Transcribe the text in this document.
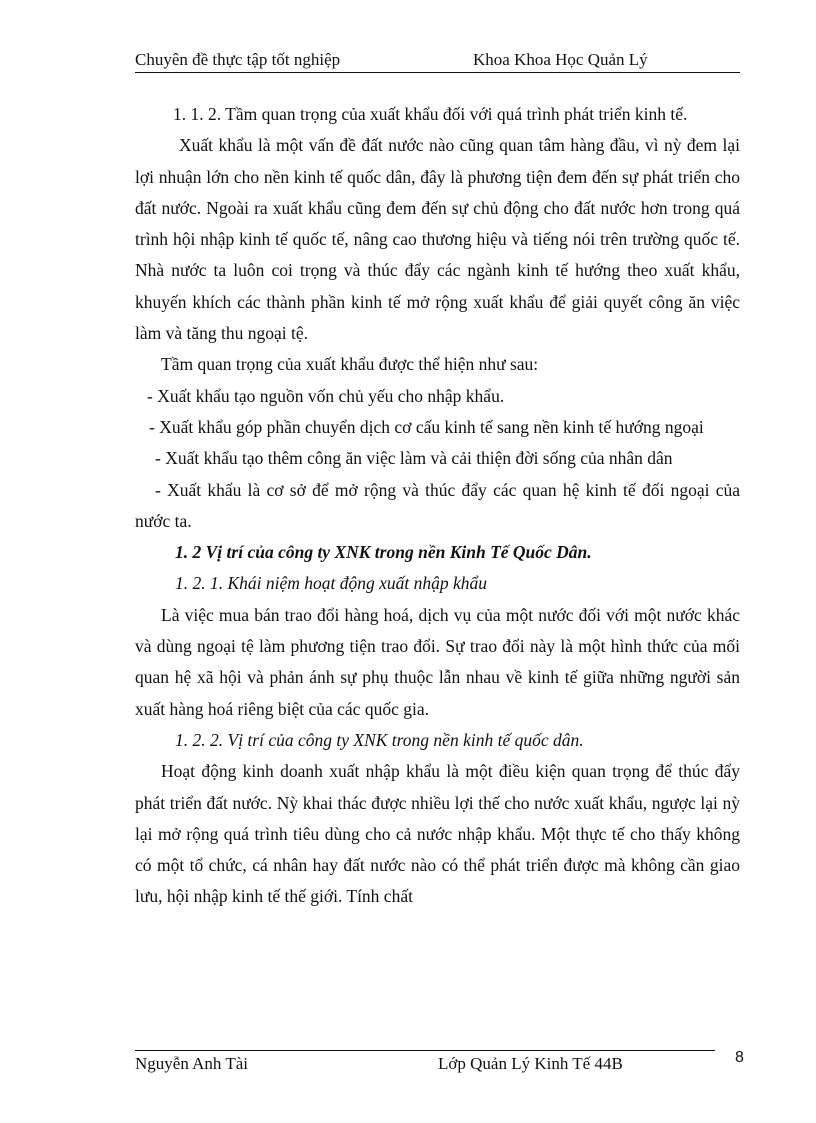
Chuyên đề thực tập tốt nghiệp	Khoa Khoa Học Quản Lý

1. 1. 2. Tầm quan trọng của xuất khẩu đối với quá trình phát triển kinh tế.

Xuất khẩu là một vấn đề đất nước nào cũng quan tâm hàng đầu, vì nỳ đem lại lợi nhuận lớn cho nền kinh tế quốc dân, đây là phương tiện đem đến sự phát triển cho đất nước. Ngoài ra xuất khẩu cũng đem đến sự chủ động cho đất nước hơn trong quá trình hội nhập kinh tế quốc tế, nâng cao thương hiệu và tiếng nói trên trường quốc tế. Nhà nước ta luôn coi trọng và thúc đẩy các ngành kinh tế hướng theo xuất khẩu, khuyến khích các thành phần kinh tế mở rộng xuất khẩu để giải quyết công ăn việc làm và tăng thu ngoại tệ.

Tầm quan trọng của xuất khẩu được thể hiện như sau:

- Xuất khẩu tạo nguồn vốn chủ yếu cho nhập khẩu.

- Xuất khẩu góp phần chuyển dịch cơ cấu kinh tế sang nền kinh tế hướng ngoại

- Xuất khẩu tạo thêm công ăn việc làm và cải thiện đời sống của nhân dân

- Xuất khẩu là cơ sở để mở rộng và thúc đẩy các quan hệ kinh tế đối ngoại của nước ta.

1. 2 Vị trí của công ty XNK trong nền Kinh Tế Quốc Dân.

1. 2. 1. Khái niệm hoạt động xuất nhập khẩu

Là việc mua bán trao đổi hàng hoá, dịch vụ của một nước đối với một nước khác và dùng ngoại tệ làm phương tiện trao đổi. Sự trao đổi này là một hình thức của mối quan hệ xã hội và phản ánh sự phụ thuộc lẫn nhau về kinh tế giữa những người sản xuất hàng hoá riêng biệt của các quốc gia.

1. 2. 2. Vị trí của công ty XNK trong nền kinh tế quốc dân.

Hoạt động kinh doanh xuất nhập khẩu là một điều kiện quan trọng để thúc đẩy phát triển đất nước. Nỳ khai thác được nhiều lợi thế cho nước xuất khẩu, ngược lại nỳ lại mở rộng quá trình tiêu dùng cho cả nước nhập khẩu. Một thực tế cho thấy không có một tổ chức, cá nhân hay đất nước nào có thể phát triển được mà không cần giao lưu, hội nhập kinh tế thế giới. Tính chất

Nguyễn Anh Tài	Lớp Quản Lý Kinh Tế 44B	8
